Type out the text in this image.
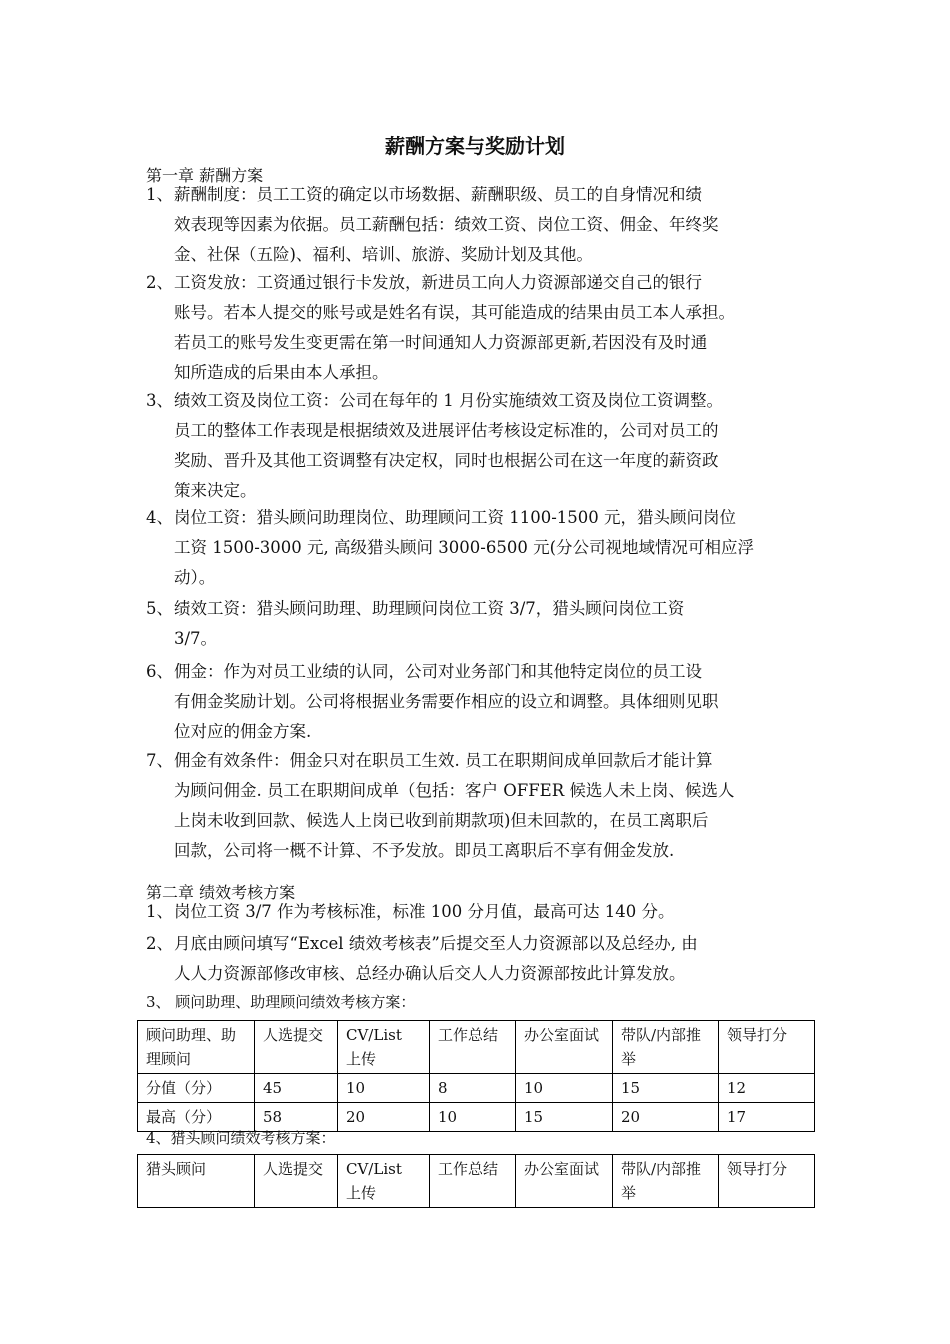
薪酬方案与奖励计划
第一章 薪酬方案
1、 薪酬制度：员工工资的确定以市场数据、薪酬职级、员工的自身情况和绩
效表现等因素为依据。员工薪酬包括：绩效工资、岗位工资、佣金、年终奖
金、社保（五险)、福利、培训、旅游、奖励计划及其他。
2、 工资发放：工资通过银行卡发放，新进员工向人力资源部递交自己的银行
账号。若本人提交的账号或是姓名有误，其可能造成的结果由员工本人承担。
若员工的账号发生变更需在第一时间通知人力资源部更新,若因没有及时通
知所造成的后果由本人承担。
3、 绩效工资及岗位工资：公司在每年的 1 月份实施绩效工资及岗位工资调整。
员工的整体工作表现是根据绩效及进展评估考核设定标准的，公司对员工的
奖励、晋升及其他工资调整有决定权，同时也根据公司在这一年度的薪资政
策来决定。
4、 岗位工资：猎头顾问助理岗位、助理顾问工资 1100-1500 元，猎头顾问岗位
工资 1500-3000 元, 高级猎头顾问 3000-6500 元(分公司视地域情况可相应浮
动）。
5、 绩效工资：猎头顾问助理、助理顾问岗位工资 3/7，猎头顾问岗位工资
3/7。
6、 佣金：作为对员工业绩的认同，公司对业务部门和其他特定岗位的员工设
有佣金奖励计划。公司将根据业务需要作相应的设立和调整。具体细则见职
位对应的佣金方案.
7、 佣金有效条件：佣金只对在职员工生效. 员工在职期间成单回款后才能计算
为顾问佣金. 员工在职期间成单（包括：客户 OFFER 候选人未上岗、候选人
上岗未收到回款、候选人上岗已收到前期款项)但未回款的，在员工离职后
回款，公司将一概不计算、不予发放。即员工离职后不享有佣金发放.
第二章 绩效考核方案
1、 岗位工资 3/7 作为考核标准，标准 100 分月值，最高可达 140 分。
2、 月底由顾问填写“Excel 绩效考核表”后提交至人力资源部以及总经办, 由
人人力资源部修改审核、总经办确认后交人人力资源部按此计算发放。
3、 顾问助理、助理顾问绩效考核方案：
顾问助理、助理顾问	人选提交	CV/List 上传	工作总结	办公室面试	带队/内部推举	领导打分
分值（分）	45	10	8	10	15	12
最高（分）	58	20	10	15	20	17
4、猎头顾问绩效考核方案：
猎头顾问	人选提交	CV/List 上传	工作总结	办公室面试	带队/内部推举	领导打分
